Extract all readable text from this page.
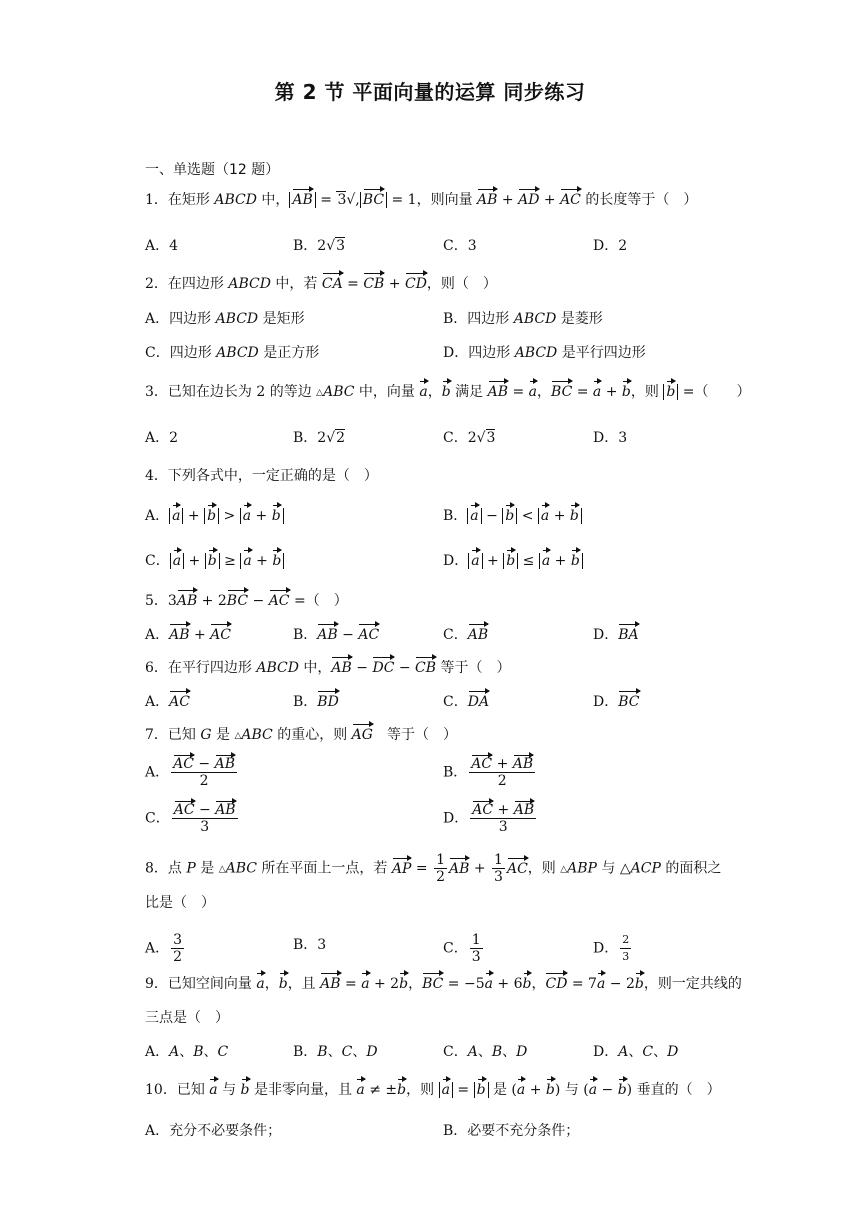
第 2 节 平面向量的运算 同步练习
一、单选题（12 题）
1．在矩形 ABCD 中， AB = 3√, BC = 1，则向量 AB + AD + AC 的长度等于（　）
A．4	B．2√3	C．3	D．2
2．在四边形 ABCD 中，若 CA = CB + CD，则（　）
A．四边形 ABCD 是矩形	B．四边形 ABCD 是菱形
C．四边形 ABCD 是正方形	D．四边形 ABCD 是平行四边形
3．已知在边长为 2 的等边 △ABC 中，向量 a，b 满足 AB = a，BC = a + b，则 b =（　　）
A．2	B．2√2	C．2√3	D．3
4．下列各式中，一定正确的是（　）
A． a + b > a + b	B． a − b < a + b
C． a + b ≥ a + b	D． a + b ≤ a + b
5．3AB + 2BC − AC =（　）
A．AB + AC	B．AB − AC	C．AB	D．BA
6．在平行四边形 ABCD 中，AB − DC − CB 等于（　）
A．AC	B．BD	C．DA	D．BC
7．已知 G 是 △ABC 的重心，则 AG　等于（　）
A． $\frac{AC - AB}{2}$	B． $\frac{AC + AB}{2}$
C． $\frac{AC - AB}{3}$	D． $\frac{AC + AB}{3}$
8．点 P 是 △ABC 所在平面上一点，若 AP = $\frac{1}{2}$ AB + $\frac{1}{3}$ AC，则 △ABP 与 △ACP 的面积之
比是（　）
A． $\frac{3}{2}$	B．3	C． $\frac{1}{3}$	D． $\frac{2}{3}$
9．已知空间向量 a，b，且 AB = a + 2b，BC = −5a + 6b，CD = 7a − 2b，则一定共线的
三点是（　）
A．A、B、C	B．B、C、D	C．A、B、D	D．A、C、D
10．已知 a 与 b 是非零向量，且 a ≠ ±b，则 a = b 是 (a + b) 与 (a − b) 垂直的（　）
A．充分不必要条件；	B．必要不充分条件；
